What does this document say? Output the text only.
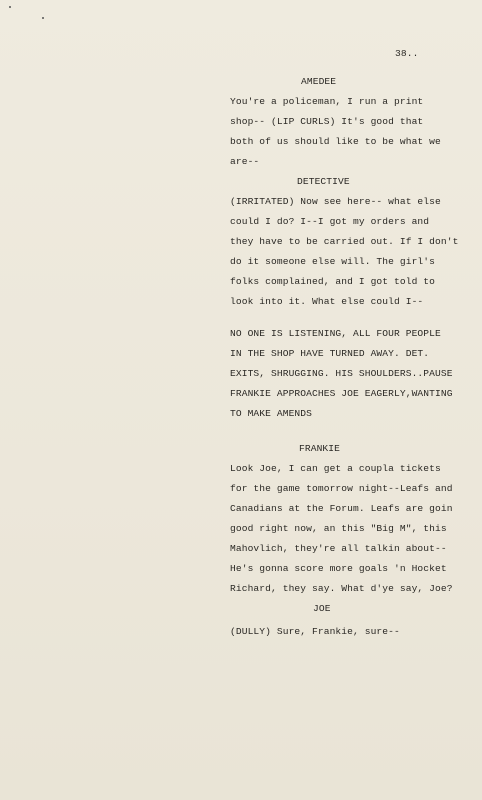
38..
AMEDEE
You're a policeman, I run a print
shop-- (LIP CURLS) It's good that
both of us should like to be what we
are--
DETECTIVE
(IRRITATED) Now see here-- what else
could I do? I--I got my orders and
they have to be carried out. If I don't
do it someone else will. The girl's
folks complained, and I got told to
look into it. What else could I--
NO ONE IS LISTENING, ALL FOUR PEOPLE
IN THE SHOP HAVE TURNED AWAY. DET.
EXITS, SHRUGGING. HIS SHOULDERS..PAUSE
FRANKIE APPROACHES JOE EAGERLY,WANTING
TO MAKE AMENDS
FRANKIE
Look Joe, I can get a coupla tickets
for the game tomorrow night--Leafs and
Canadians at the Forum. Leafs are goin
good right now, an this "Big M", this
Mahovlich, they're all talkin about--
He's gonna score more goals 'n Hocket
Richard, they say. What d'ye say, Joe?
JOE
(DULLY) Sure, Frankie, sure--
